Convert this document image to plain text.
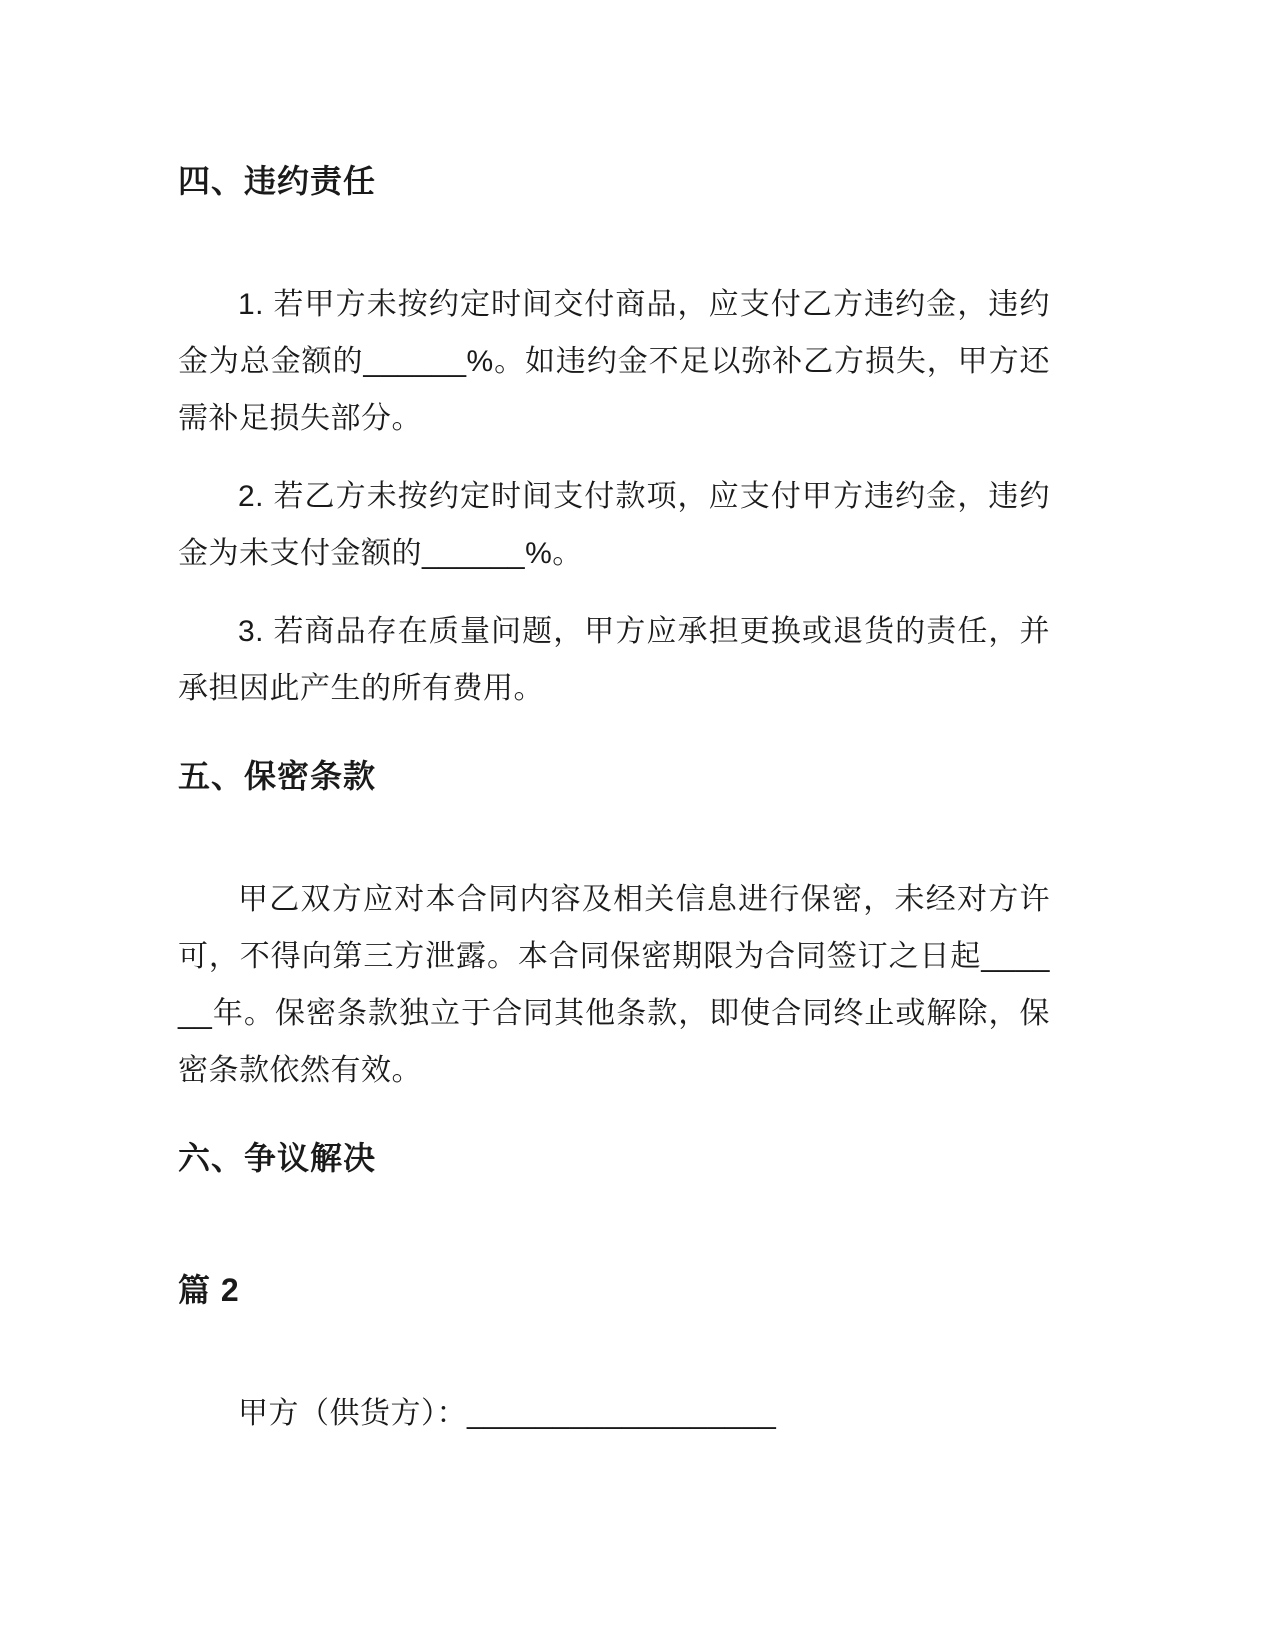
四、违约责任

1. 若甲方未按约定时间交付商品，应支付乙方违约金，违约金为总金额的______%。如违约金不足以弥补乙方损失，甲方还需补足损失部分。

2. 若乙方未按约定时间支付款项，应支付甲方违约金，违约金为未支付金额的______%。

3. 若商品存在质量问题，甲方应承担更换或退货的责任，并承担因此产生的所有费用。

五、保密条款

甲乙双方应对本合同内容及相关信息进行保密，未经对方许可，不得向第三方泄露。本合同保密期限为合同签订之日起______年。保密条款独立于合同其他条款，即使合同终止或解除，保密条款依然有效。

六、争议解决
篇 2

甲方（供货方）：__________________
